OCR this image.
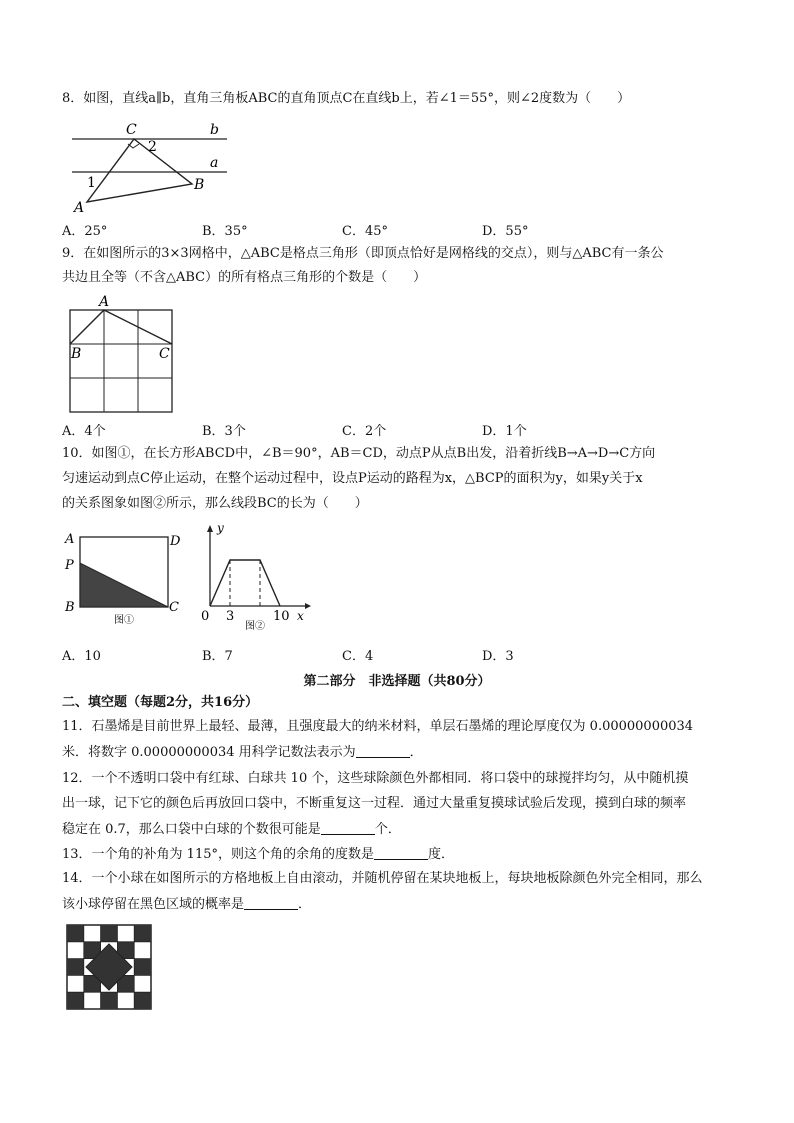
8．如图，直线a∥b，直角三角板ABC的直角顶点C在直线b上，若∠1＝55°，则∠2度数为（　　）
C
2
b
a
1	B
A
A．25°	B．35°	C．45°	D．55°
9．在如图所示的3×3网格中，△ABC是格点三角形（即顶点恰好是网格线的交点），则与△ABC有一条公
共边且全等（不含△ABC）的所有格点三角形的个数是（　　）
A
B	C
A．4个	B．3个	C．2个	D．1个
10．如图①，在长方形ABCD中，∠B＝90°，AB＝CD，动点P从点B出发，沿着折线B→A→D→C方向
匀速运动到点C停止运动，在整个运动过程中，设点P运动的路程为x，△BCP的面积为y，如果y关于x
的关系图象如图②所示，那么线段BC的长为（　　）
A	D
P
B	C
图①
y
x
0 3	10
图②
A．10	B．7	C．4	D．3
第二部分　非选择题（共80分）
二、填空题（每题2分，共16分）
11．石墨烯是目前世界上最轻、最薄，且强度最大的纳米材料，单层石墨烯的理论厚度仅为 0.00000000034
米．将数字 0.00000000034 用科学记数法表示为	．
12．一个不透明口袋中有红球、白球共 10 个，这些球除颜色外都相同．将口袋中的球搅拌均匀，从中随机摸
出一球，记下它的颜色后再放回口袋中，不断重复这一过程．通过大量重复摸球试验后发现，摸到白球的频率
稳定在 0.7，那么口袋中白球的个数很可能是	个．
13．一个角的补角为 115°，则这个角的余角的度数是	度．
14．一个小球在如图所示的方格地板上自由滚动，并随机停留在某块地板上，每块地板除颜色外完全相同，那么
该小球停留在黑色区域的概率是	．
